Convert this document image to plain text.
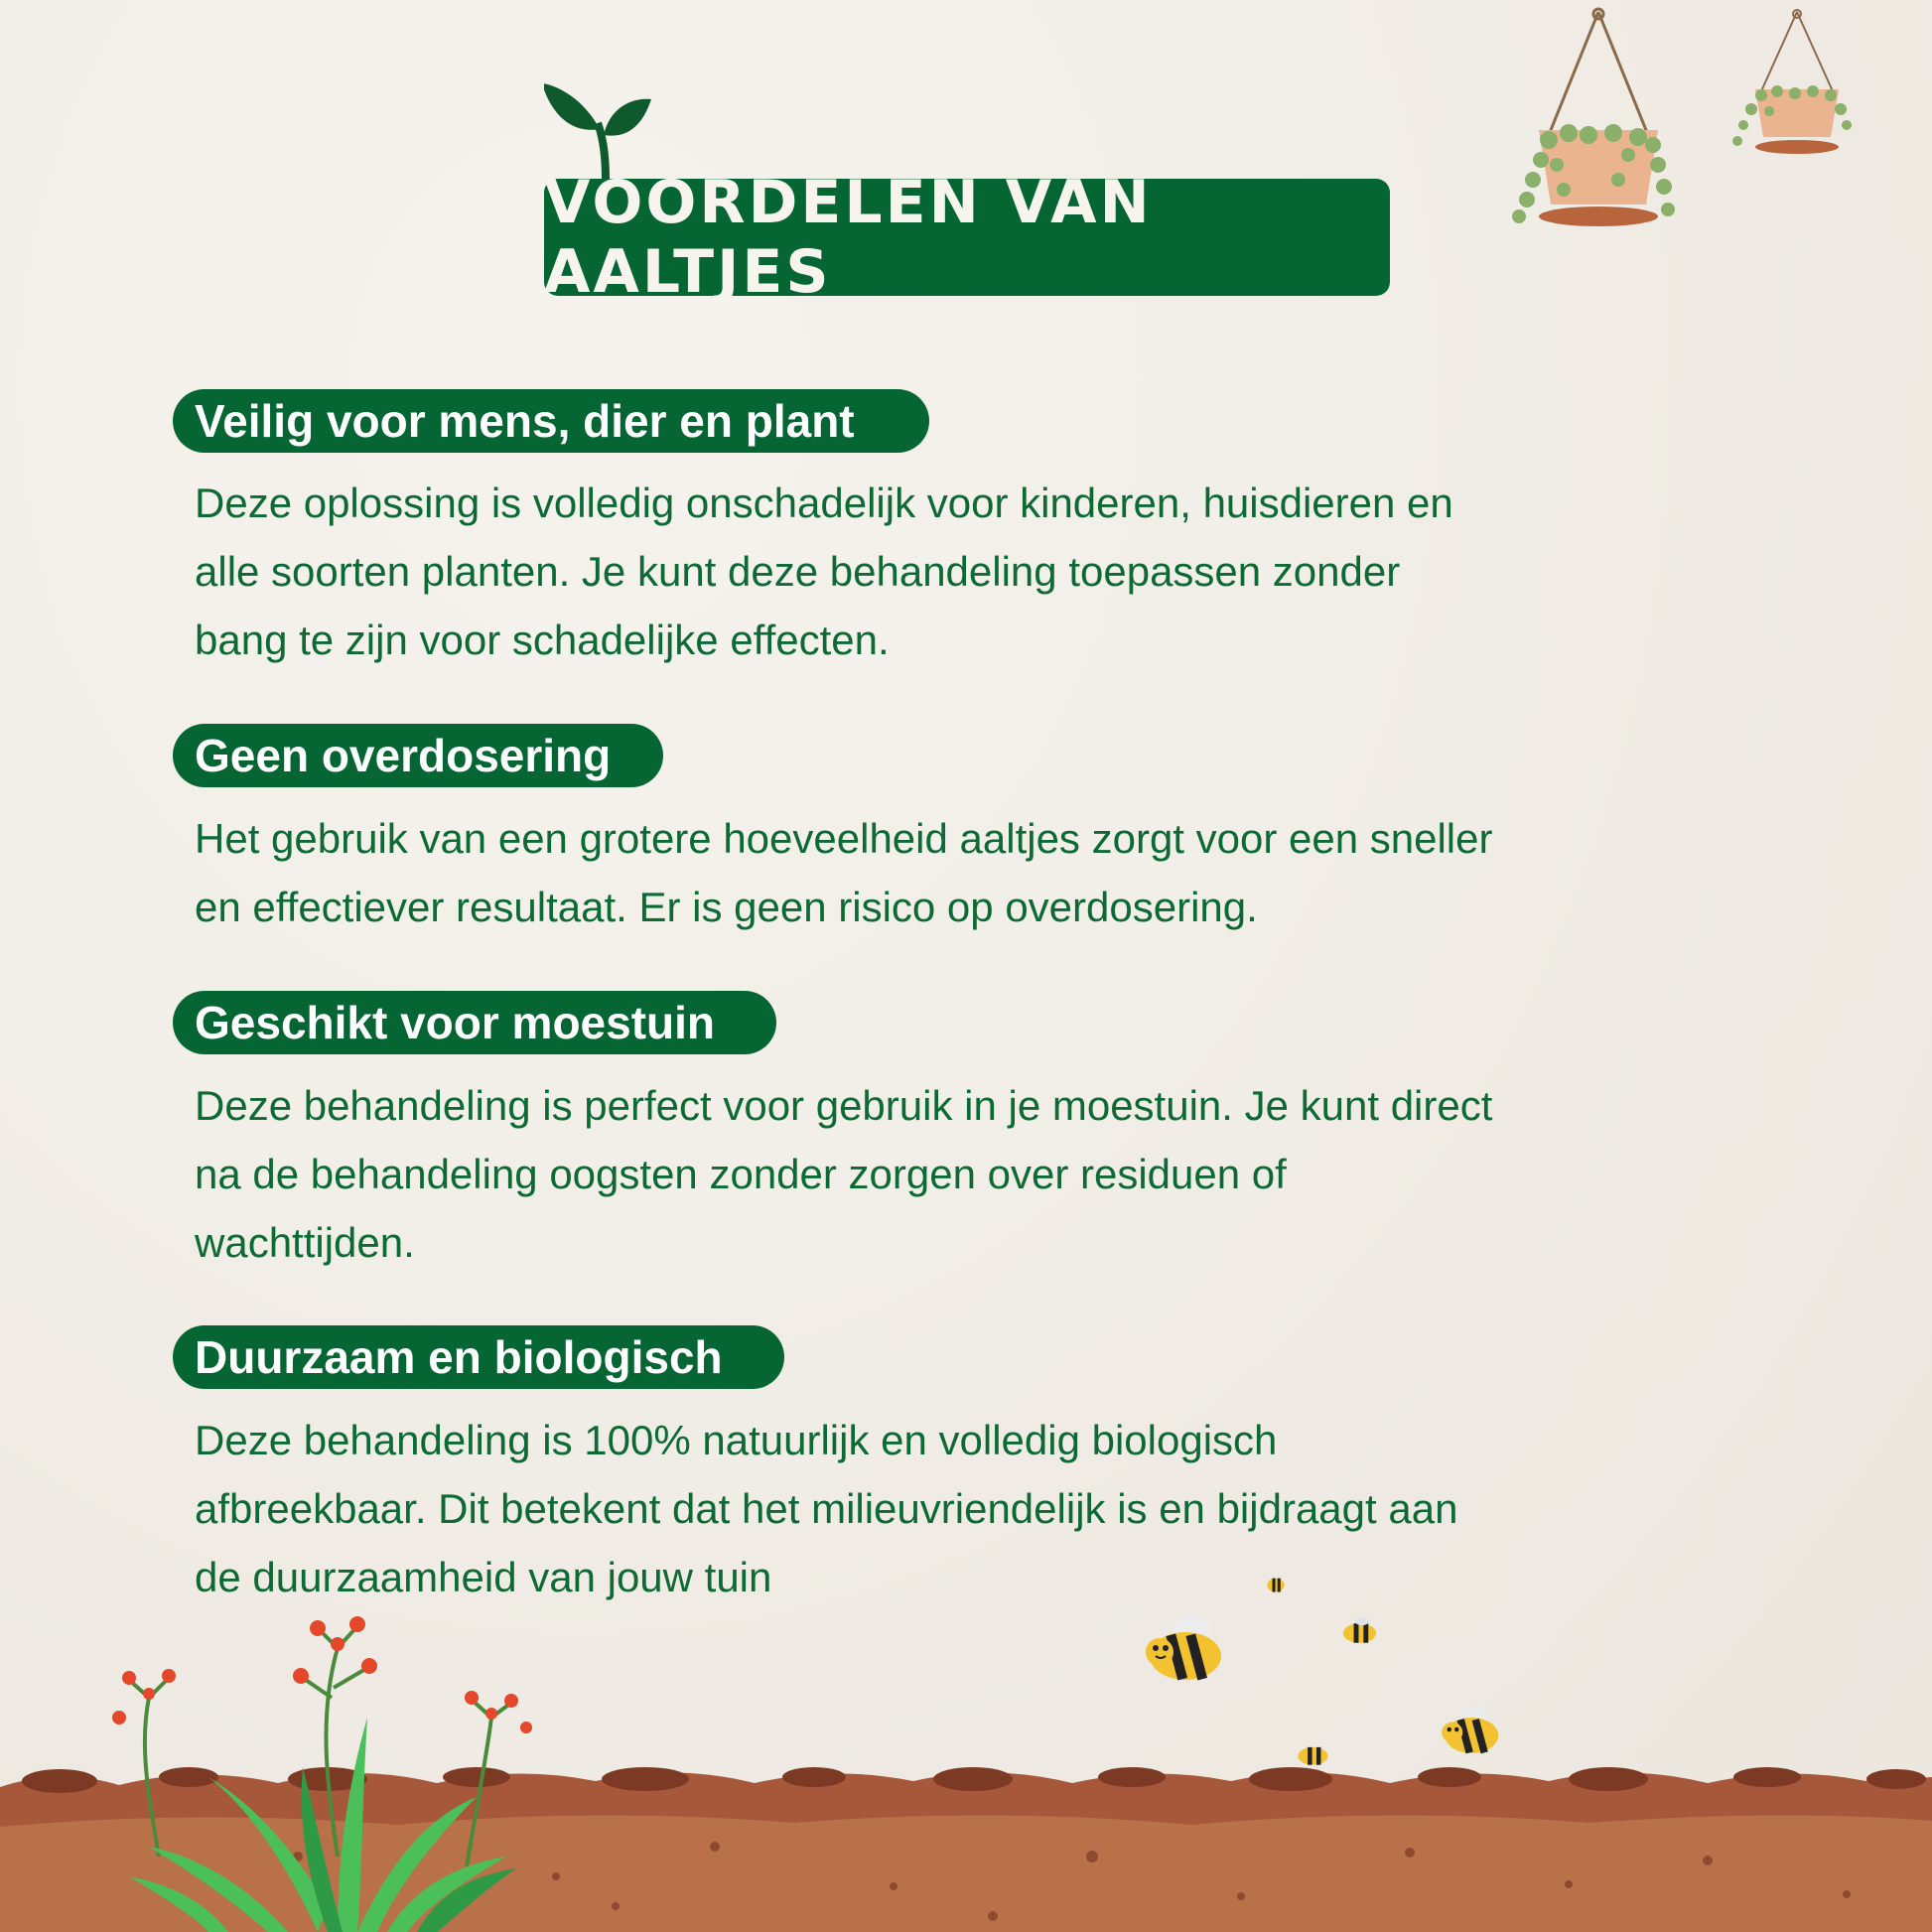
VOORDELEN VAN AALTJES
Veilig voor mens, dier en plant
Deze oplossing is volledig onschadelijk voor kinderen, huisdieren en
alle soorten planten. Je kunt deze behandeling toepassen zonder
bang te zijn voor schadelijke effecten.
Geen overdosering
Het gebruik van een grotere hoeveelheid aaltjes zorgt voor een sneller
en effectiever resultaat. Er is geen risico op overdosering.
Geschikt voor moestuin
Deze behandeling is perfect voor gebruik in je moestuin. Je kunt direct
na de behandeling oogsten zonder zorgen over residuen of
wachttijden.
Duurzaam en biologisch
Deze behandeling is 100% natuurlijk en volledig biologisch
afbreekbaar. Dit betekent dat het milieuvriendelijk is en bijdraagt aan
de duurzaamheid van jouw tuin
